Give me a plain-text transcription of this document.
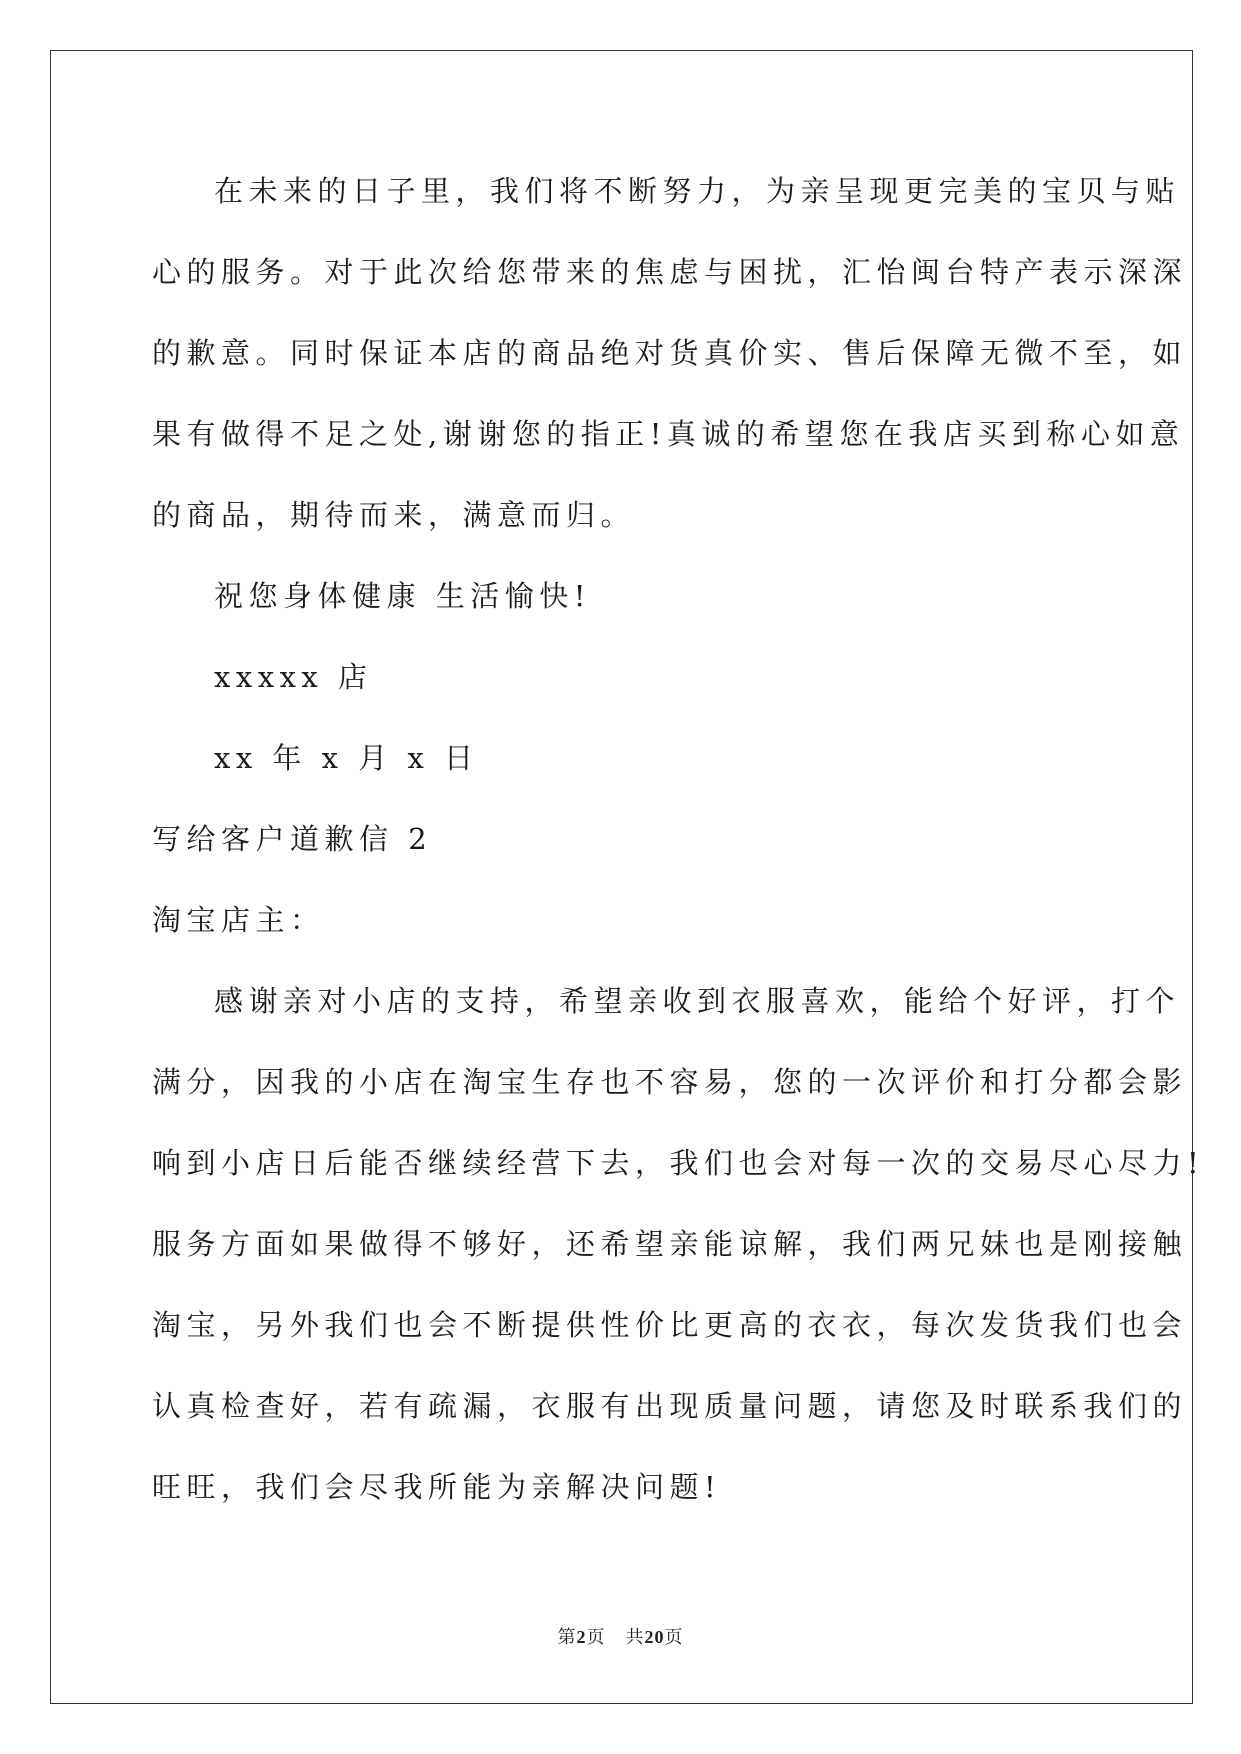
在未来的日子里，我们将不断努力，为亲呈现更完美的宝贝与贴
心的服务。对于此次给您带来的焦虑与困扰，汇怡闽台特产表示深深
的歉意。同时保证本店的商品绝对货真价实、售后保障无微不至，如
果有做得不足之处,谢谢您的指正!真诚的希望您在我店买到称心如意
的商品，期待而来，满意而归。
祝您身体健康 生活愉快!
xxxxx 店
xx 年 x 月 x 日
写给客户道歉信 2
淘宝店主：
感谢亲对小店的支持，希望亲收到衣服喜欢，能给个好评，打个
满分，因我的小店在淘宝生存也不容易，您的一次评价和打分都会影
响到小店日后能否继续经营下去，我们也会对每一次的交易尽心尽力!
服务方面如果做得不够好，还希望亲能谅解，我们两兄妹也是刚接触
淘宝，另外我们也会不断提供性价比更高的衣衣，每次发货我们也会
认真检查好，若有疏漏，衣服有出现质量问题，请您及时联系我们的
旺旺，我们会尽我所能为亲解决问题!
第2页 共20页
